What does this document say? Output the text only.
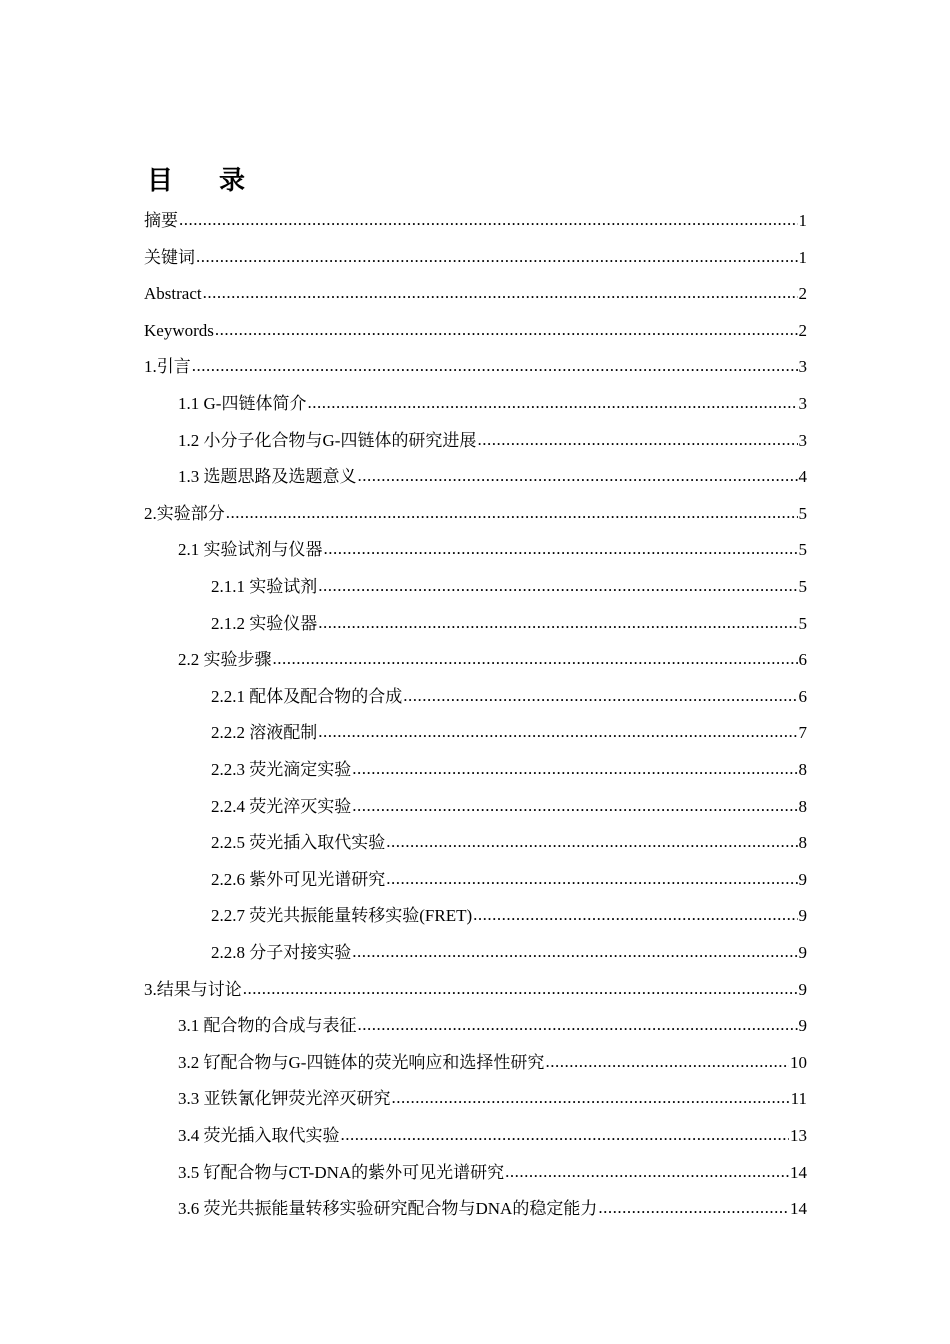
目 录
摘要 .....	1
关键词 .....	1
Abstract .....	2
Keywords .....	2
1.引言 .....	3
1.1 G-四链体简介 .....	3
1.2 小分子化合物与G-四链体的研究进展 .....	3
1.3 选题思路及选题意义 .....	4
2.实验部分 .....	5
2.1 实验试剂与仪器 .....	5
2.1.1 实验试剂 .....	5
2.1.2 实验仪器 .....	5
2.2 实验步骤 .....	6
2.2.1 配体及配合物的合成 .....	6
2.2.2 溶液配制 .....	7
2.2.3 荧光滴定实验 .....	8
2.2.4 荧光淬灭实验 .....	8
2.2.5 荧光插入取代实验 .....	8
2.2.6 紫外可见光谱研究 .....	9
2.2.7 荧光共振能量转移实验(FRET) .....	9
2.2.8 分子对接实验 .....	9
3.结果与讨论 .....	9
3.1 配合物的合成与表征 .....	9
3.2 钌配合物与G-四链体的荧光响应和选择性研究 .....	10
3.3 亚铁氰化钾荧光淬灭研究 .....	11
3.4 荧光插入取代实验 .....	13
3.5 钌配合物与CT-DNA的紫外可见光谱研究 .....	14
3.6 荧光共振能量转移实验研究配合物与DNA的稳定能力 .....	14
